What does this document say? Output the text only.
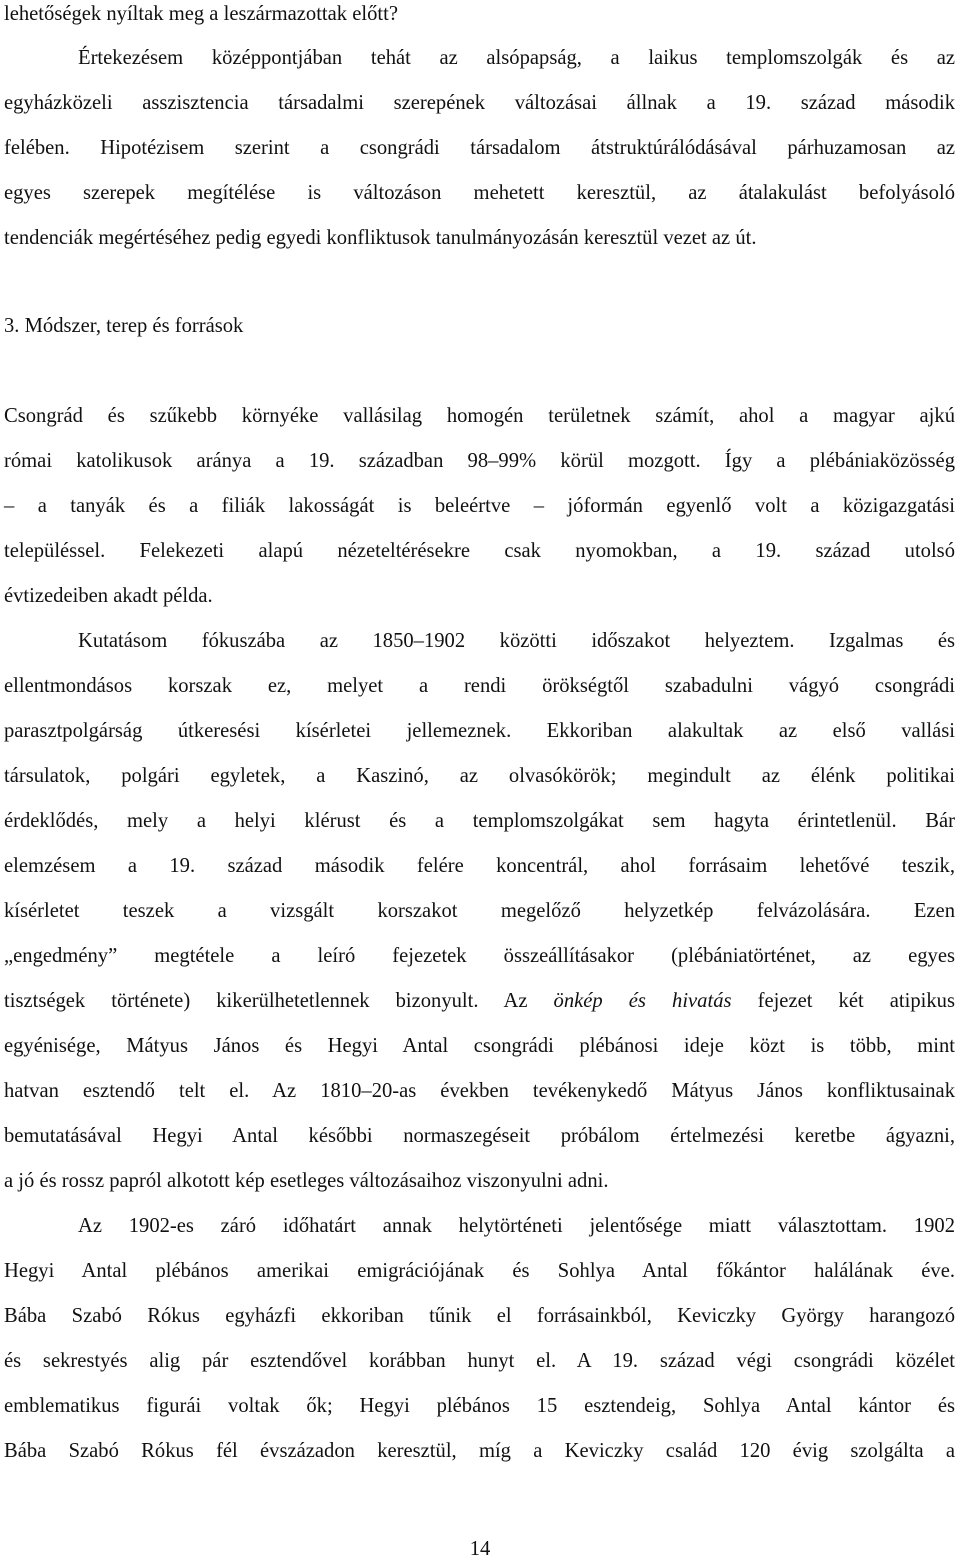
lehetőségek nyíltak meg a leszármazottak előtt?
Értekezésem középpontjában tehát az alsópapság, a laikus templomszolgák és az
egyházközeli asszisztencia társadalmi szerepének változásai állnak a 19. század második
felében. Hipotézisem szerint a csongrádi társadalom átstruktúrálódásával párhuzamosan az
egyes szerepek megítélése is változáson mehetett keresztül, az átalakulást befolyásoló
tendenciák megértéséhez pedig egyedi konfliktusok tanulmányozásán keresztül vezet az út.
3. Módszer, terep és források
Csongrád és szűkebb környéke vallásilag homogén területnek számít, ahol a magyar ajkú
római katolikusok aránya a 19. században 98–99% körül mozgott. Így a plébániaközösség
– a tanyák és a filiák lakosságát is beleértve – jóformán egyenlő volt a közigazgatási
településsel. Felekezeti alapú nézeteltérésekre csak nyomokban, a 19. század utolsó
évtizedeiben akadt példa.
Kutatásom fókuszába az 1850–1902 közötti időszakot helyeztem. Izgalmas és
ellentmondásos korszak ez, melyet a rendi örökségtől szabadulni vágyó csongrádi
parasztpolgárság útkeresési kísérletei jellemeznek. Ekkoriban alakultak az első vallási
társulatok, polgári egyletek, a Kaszinó, az olvasókörök; megindult az élénk politikai
érdeklődés, mely a helyi klérust és a templomszolgákat sem hagyta érintetlenül. Bár
elemzésem a 19. század második felére koncentrál, ahol forrásaim lehetővé teszik,
kísérletet teszek a vizsgált korszakot megelőző helyzetkép felvázolására. Ezen
„engedmény” megtétele a leíró fejezetek összeállításakor (plébániatörténet, az egyes
tisztségek története) kikerülhetetlennek bizonyult. Az önkép és hivatás fejezet két atipikus
egyénisége, Mátyus János és Hegyi Antal csongrádi plébánosi ideje közt is több, mint
hatvan esztendő telt el. Az 1810–20-as években tevékenykedő Mátyus János konfliktusainak
bemutatásával Hegyi Antal későbbi normaszegéseit próbálom értelmezési keretbe ágyazni,
a jó és rossz papról alkotott kép esetleges változásaihoz viszonyulni adni.
Az 1902-es záró időhatárt annak helytörténeti jelentősége miatt választottam. 1902
Hegyi Antal plébános amerikai emigrációjának és Sohlya Antal főkántor halálának éve.
Bába Szabó Rókus egyházfi ekkoriban tűnik el forrásainkból, Keviczky György harangozó
és sekrestyés alig pár esztendővel korábban hunyt el. A 19. század végi csongrádi közélet
emblematikus figurái voltak ők; Hegyi plébános 15 esztendeig, Sohlya Antal kántor és
Bába Szabó Rókus fél évszázadon keresztül, míg a Keviczky család 120 évig szolgálta a
14
